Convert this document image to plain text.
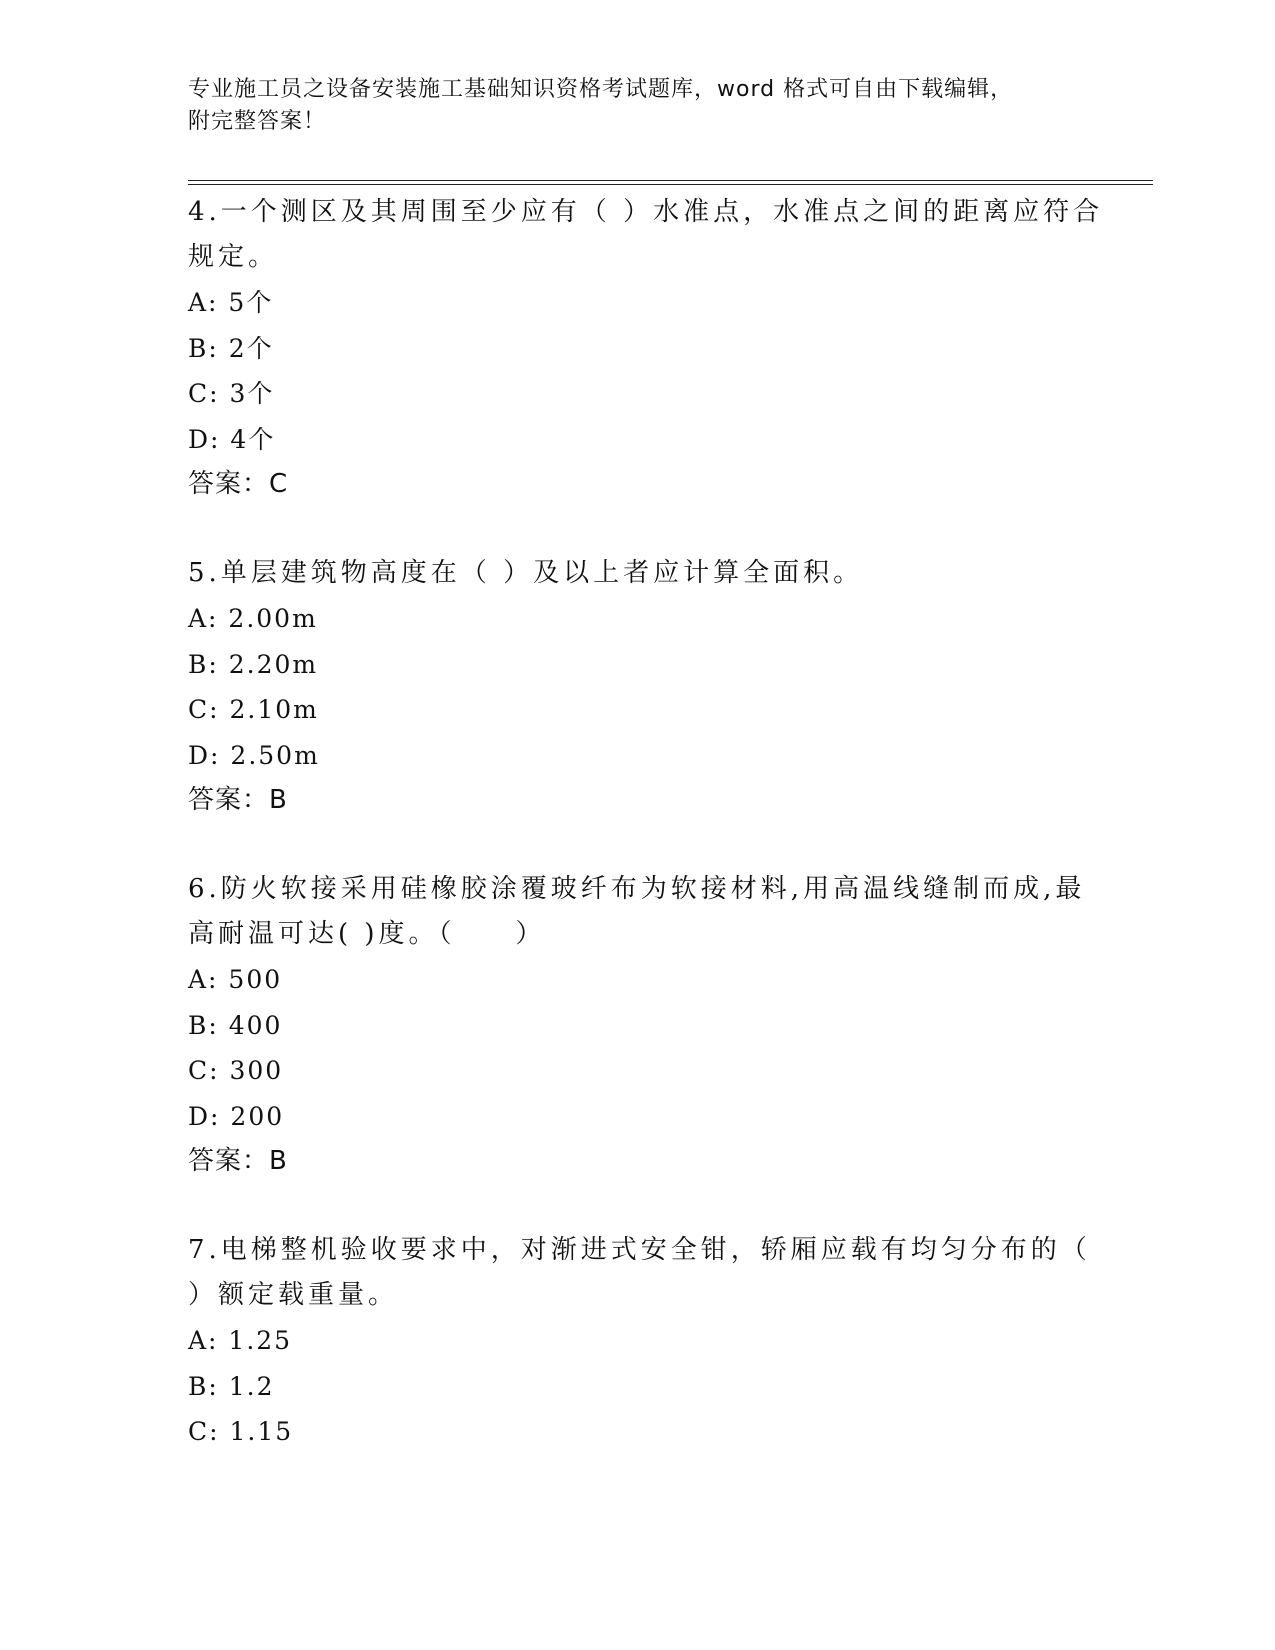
专业施工员之设备安装施工基础知识资格考试题库，word 格式可自由下载编辑，
附完整答案！
4.一个测区及其周围至少应有（ ）水准点，水准点之间的距离应符合
规定。
A: 5个
B: 2个
C: 3个
D: 4个
答案：C
5.单层建筑物高度在（ ）及以上者应计算全面积。
A: 2.00m
B: 2.20m
C: 2.10m
D: 2.50m
答案：B
6.防火软接采用硅橡胶涂覆玻纤布为软接材料,用高温线缝制而成,最
高耐温可达( )度。（　　）
A: 500
B: 400
C: 300
D: 200
答案：B
7.电梯整机验收要求中，对渐进式安全钳，轿厢应载有均匀分布的（
）额定载重量。
A: 1.25
B: 1.2
C: 1.15
